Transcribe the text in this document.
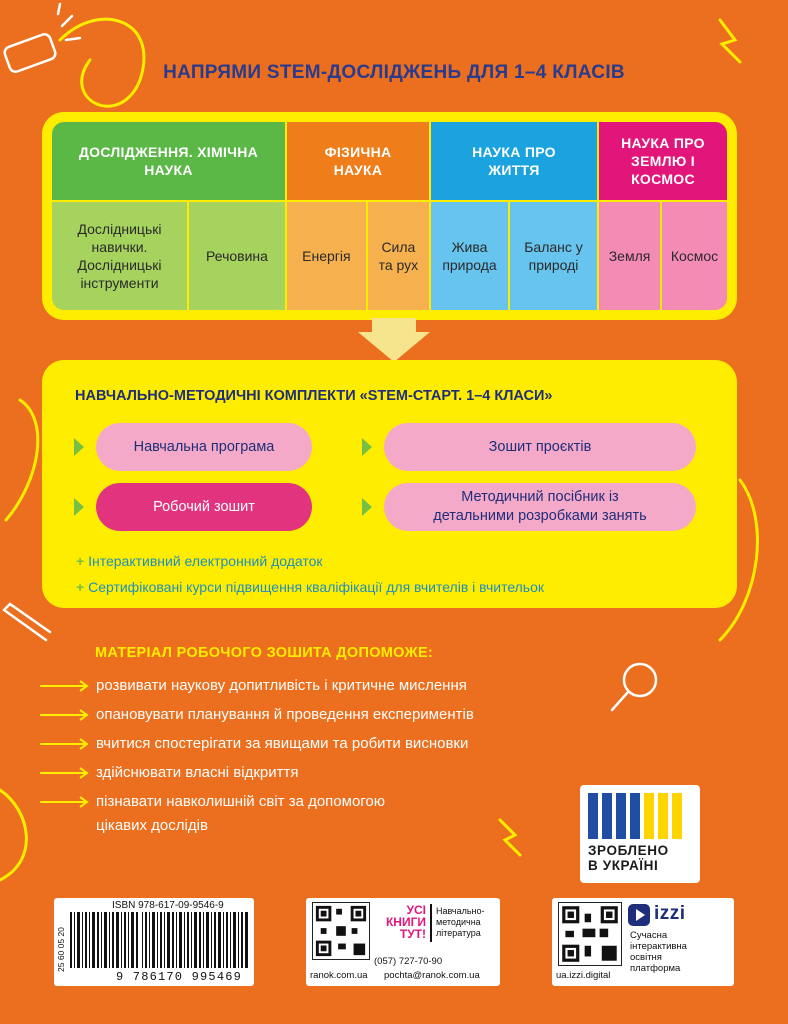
НАПРЯМИ STEM-ДОСЛІДЖЕНЬ ДЛЯ 1–4 КЛАСІВ
ДОСЛІДЖЕННЯ. ХІМІЧНА НАУКА
Дослідницькі навички. Дослідницькі інструменти
Речовина
ФІЗИЧНА НАУКА
Енергія
Сила та рух
НАУКА ПРО ЖИТТЯ
Жива природа
Баланс у природі
НАУКА ПРО ЗЕМЛЮ І КОСМОС
Земля	Космос
НАВЧАЛЬНО-МЕТОДИЧНІ КОМПЛЕКТИ «STEM-СТАРТ. 1–4 КЛАСИ»
Навчальна програма	Зошит проєктів
Робочий зошит
Методичний посібник із детальними розробками занять
+ Інтерактивний електронний додаток
+ Сертифіковані курси підвищення кваліфікації для вчителів і вчительок
МАТЕРІАЛ РОБОЧОГО ЗОШИТА ДОПОМОЖЕ:
розвивати наукову допитливість і критичне мислення
опановувати планування й проведення експериментів
вчитися спостерігати за явищами та робити висновки
здійснювати власні відкриття
пізнавати навколишній світ за допомогою
цікавих дослідів
ЗРОБЛЕНО
В УКРАЇНІ
ISBN 978-617-09-9546-9
25 60 05 20
9 786170 995469
УСІ
КНИГИ
ТУТ!
Навчально-методична література
(057) 727-70-90
ranok.com.ua pochta@ranok.com.ua
izzi
Сучасна інтерактивна освітня платформа
ua.izzi.digital
